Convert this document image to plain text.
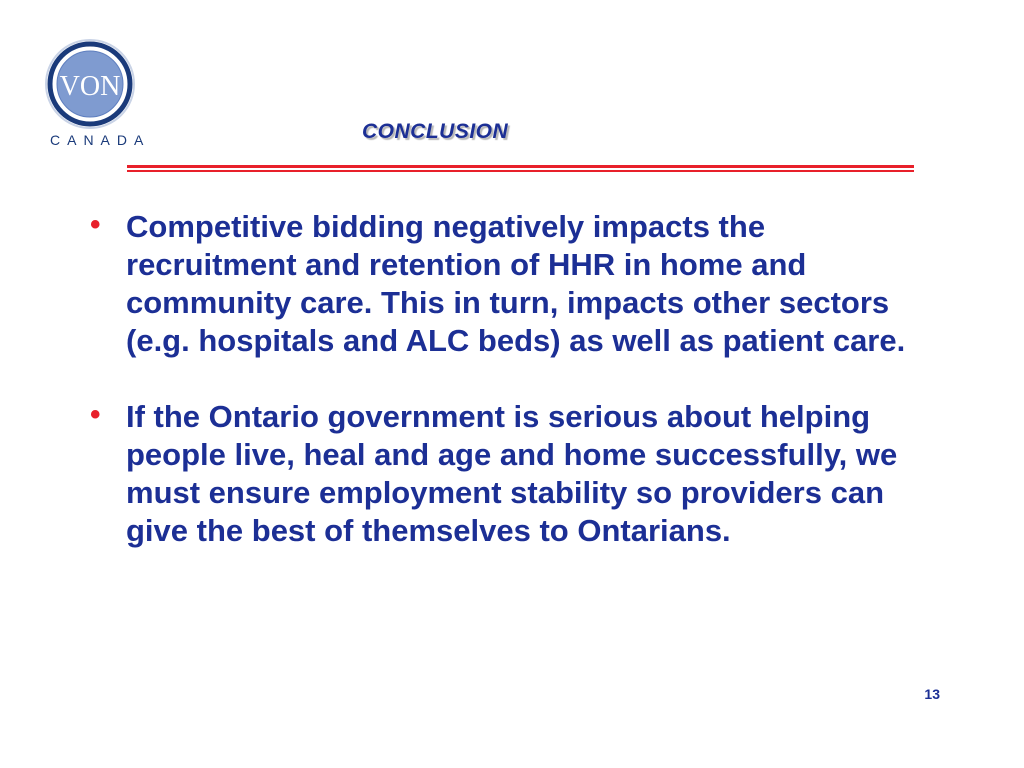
VON
CANADA	CONCLUSION
• Competitive bidding negatively impacts the recruitment and retention of HHR in home and community care. This in turn, impacts other sectors (e.g. hospitals and ALC beds) as well as patient care.
• If the Ontario government is serious about helping people live, heal and age and home successfully, we must ensure employment stability so providers can give the best of themselves to Ontarians.
13
